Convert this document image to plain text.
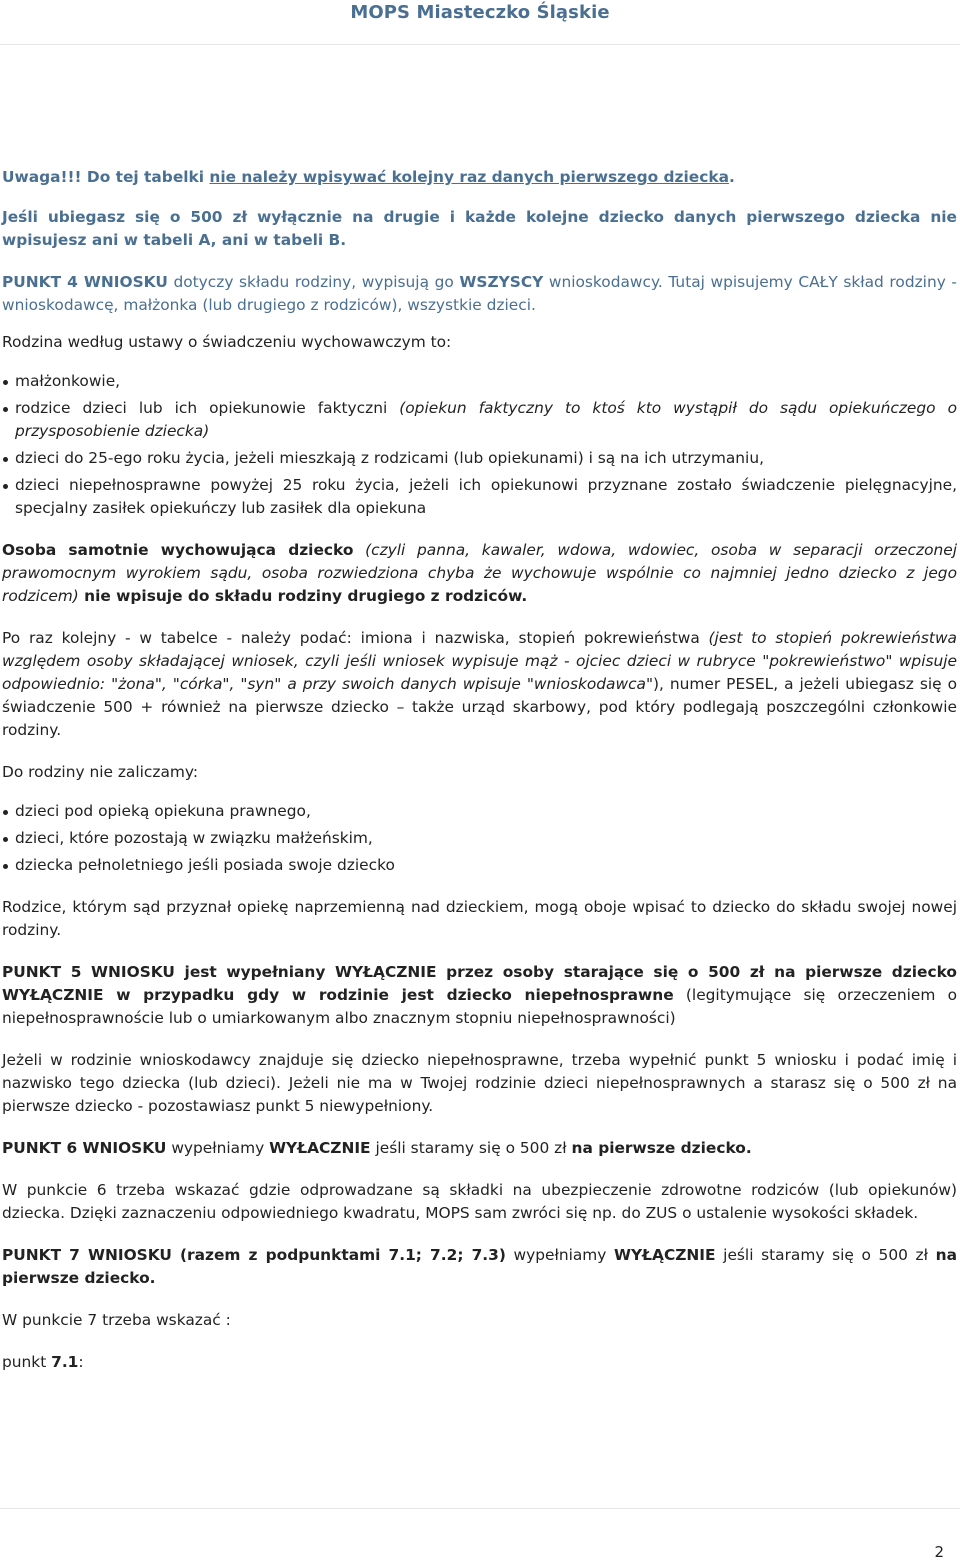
MOPS Miasteczko Śląskie

Uwaga!!! Do tej tabelki nie należy wpisywać kolejny raz danych pierwszego dziecka.

Jeśli ubiegasz się o 500 zł wyłącznie na drugie i każde kolejne dziecko danych pierwszego dziecka nie wpisujesz ani w tabeli A, ani w tabeli B.

PUNKT 4 WNIOSKU dotyczy składu rodziny, wypisują go WSZYSCY wnioskodawcy. Tutaj wpisujemy CAŁY skład rodziny - wnioskodawcę, małżonka (lub drugiego z rodziców), wszystkie dzieci.

Rodzina według ustawy o świadczeniu wychowawczym to:

małżonkowie,
rodzice dzieci lub ich opiekunowie faktyczni (opiekun faktyczny to ktoś kto wystąpił do sądu opiekuńczego o przysposobienie dziecka)
dzieci do 25-ego roku życia, jeżeli mieszkają z rodzicami (lub opiekunami) i są na ich utrzymaniu,
dzieci niepełnosprawne powyżej 25 roku życia, jeżeli ich opiekunowi przyznane zostało świadczenie pielęgnacyjne, specjalny zasiłek opiekuńczy lub zasiłek dla opiekuna

Osoba samotnie wychowująca dziecko (czyli panna, kawaler, wdowa, wdowiec, osoba w separacji orzeczonej prawomocnym wyrokiem sądu, osoba rozwiedziona chyba że wychowuje wspólnie co najmniej jedno dziecko z jego rodzicem) nie wpisuje do składu rodziny drugiego z rodziców.

Po raz kolejny - w tabelce - należy podać: imiona i nazwiska, stopień pokrewieństwa (jest to stopień pokrewieństwa względem osoby składającej wniosek, czyli jeśli wniosek wypisuje mąż - ojciec dzieci w rubryce "pokrewieństwo" wpisuje odpowiednio: "żona", "córka", "syn" a przy swoich danych wpisuje "wnioskodawca"), numer PESEL, a jeżeli ubiegasz się o świadczenie 500 + również na pierwsze dziecko – także urząd skarbowy, pod który podlegają poszczególni członkowie rodziny.

Do rodziny nie zaliczamy:

dzieci pod opieką opiekuna prawnego,
dzieci, które pozostają w związku małżeńskim,
dziecka pełnoletniego jeśli posiada swoje dziecko

Rodzice, którym sąd przyznał opiekę naprzemienną nad dzieckiem, mogą oboje wpisać to dziecko do składu swojej nowej rodziny.

PUNKT 5 WNIOSKU jest wypełniany WYŁĄCZNIE przez osoby starające się o 500 zł na pierwsze dziecko WYŁĄCZNIE w przypadku gdy w rodzinie jest dziecko niepełnosprawne (legitymujące się orzeczeniem o niepełnosprawnoście lub o umiarkowanym albo znacznym stopniu niepełnosprawności)

Jeżeli w rodzinie wnioskodawcy znajduje się dziecko niepełnosprawne, trzeba wypełnić punkt 5 wniosku i podać imię i nazwisko tego dziecka (lub dzieci). Jeżeli nie ma w Twojej rodzinie dzieci niepełnosprawnych a starasz się o 500 zł na pierwsze dziecko - pozostawiasz punkt 5 niewypełniony.

PUNKT 6 WNIOSKU wypełniamy WYŁACZNIE jeśli staramy się o 500 zł na pierwsze dziecko.

W punkcie 6 trzeba wskazać gdzie odprowadzane są składki na ubezpieczenie zdrowotne rodziców (lub opiekunów) dziecka. Dzięki zaznaczeniu odpowiedniego kwadratu, MOPS sam zwróci się np. do ZUS o ustalenie wysokości składek.

PUNKT 7 WNIOSKU (razem z podpunktami 7.1; 7.2; 7.3) wypełniamy WYŁĄCZNIE jeśli staramy się o 500 zł na pierwsze dziecko.

W punkcie 7 trzeba wskazać :

punkt 7.1:

2
